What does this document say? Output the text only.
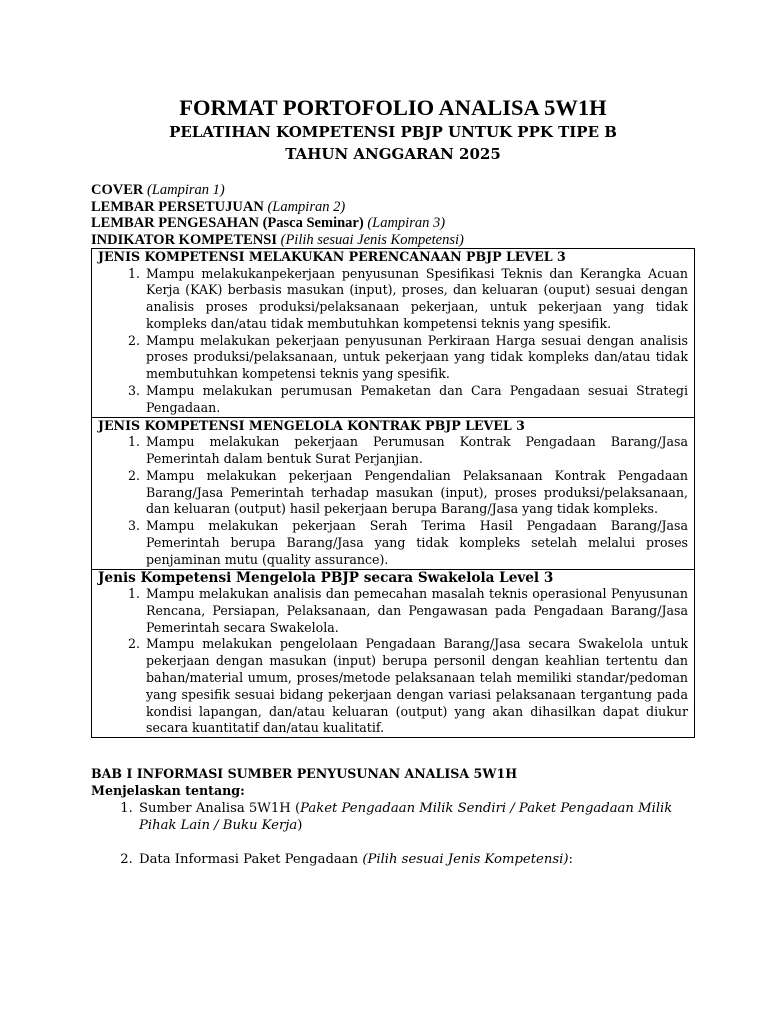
FORMAT PORTOFOLIO ANALISA 5W1H
PELATIHAN KOMPETENSI PBJP UNTUK PPK TIPE B
TAHUN ANGGARAN 2025
COVER (Lampiran 1)
LEMBAR PERSETUJUAN (Lampiran 2)
LEMBAR PENGESAHAN (Pasca Seminar) (Lampiran 3)
INDIKATOR KOMPETENSI (Pilih sesuai Jenis Kompetensi)
JENIS KOMPETENSI MELAKUKAN PERENCANAAN PBJP LEVEL 3
1. Mampu melakukanpekerjaan penyusunan Spesifikasi Teknis dan Kerangka Acuan Kerja (KAK) berbasis masukan (input), proses, dan keluaran (ouput) sesuai dengan analisis proses produksi/pelaksanaan pekerjaan, untuk pekerjaan yang tidak kompleks dan/atau tidak membutuhkan kompetensi teknis yang spesifik.
2. Mampu melakukan pekerjaan penyusunan Perkiraan Harga sesuai dengan analisis proses produksi/pelaksanaan, untuk pekerjaan yang tidak kompleks dan/atau tidak membutuhkan kompetensi teknis yang spesifik.
3. Mampu melakukan perumusan Pemaketan dan Cara Pengadaan sesuai Strategi Pengadaan.
JENIS KOMPETENSI MENGELOLA KONTRAK PBJP LEVEL 3
1. Mampu melakukan pekerjaan Perumusan Kontrak Pengadaan Barang/Jasa Pemerintah dalam bentuk Surat Perjanjian.
2. Mampu melakukan pekerjaan Pengendalian Pelaksanaan Kontrak Pengadaan Barang/Jasa Pemerintah terhadap masukan (input), proses produksi/pelaksanaan, dan keluaran (output) hasil pekerjaan berupa Barang/Jasa yang tidak kompleks.
3. Mampu melakukan pekerjaan Serah Terima Hasil Pengadaan Barang/Jasa Pemerintah berupa Barang/Jasa yang tidak kompleks setelah melalui proses penjaminan mutu (quality assurance).
Jenis Kompetensi Mengelola PBJP secara Swakelola Level 3
1. Mampu melakukan analisis dan pemecahan masalah teknis operasional Penyusunan Rencana, Persiapan, Pelaksanaan, dan Pengawasan pada Pengadaan Barang/Jasa Pemerintah secara Swakelola.
2. Mampu melakukan pengelolaan Pengadaan Barang/Jasa secara Swakelola untuk pekerjaan dengan masukan (input) berupa personil dengan keahlian tertentu dan bahan/material umum, proses/metode pelaksanaan telah memiliki standar/pedoman yang spesifik sesuai bidang pekerjaan dengan variasi pelaksanaan tergantung pada kondisi lapangan, dan/atau keluaran (output) yang akan dihasilkan dapat diukur secara kuantitatif dan/atau kualitatif.
BAB I INFORMASI SUMBER PENYUSUNAN ANALISA 5W1H
Menjelaskan tentang:
1. Sumber Analisa 5W1H (Paket Pengadaan Milik Sendiri / Paket Pengadaan Milik Pihak Lain / Buku Kerja)
2. Data Informasi Paket Pengadaan (Pilih sesuai Jenis Kompetensi):
